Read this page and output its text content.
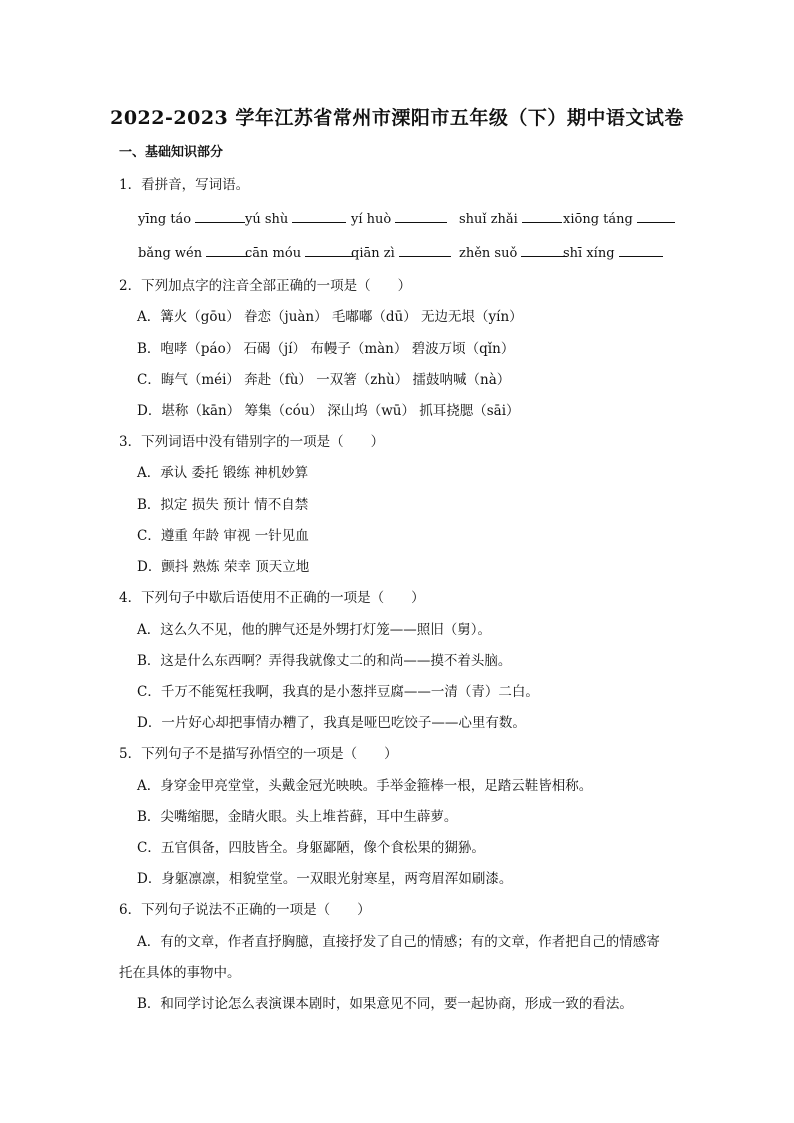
2022-2023 学年江苏省常州市溧阳市五年级（下）期中语文试卷
一、基础知识部分
1．看拼音，写词语。
yīng táo	yú shù	yí huò	shuǐ zhǎi	xiōng táng
bǎng wén	cān móu	qiān zì	zhěn suǒ	shī xíng
2．下列加点字的注音全部正确的一项是（　　）
A．篝火（gōu） 眷恋（juàn） 毛嘟嘟（dū） 无边无垠（yín）
B．咆哮（páo） 石碣（jí） 布幔子（màn） 碧波万顷（qǐn）
C．晦气（méi） 奔赴（fù） 一双箸（zhù） 擂鼓呐喊（nà）
D．堪称（kān） 筹集（cóu） 深山坞（wū） 抓耳挠腮（sāi）
3．下列词语中没有错别字的一项是（　　）
A．承认 委托 锻练 神机妙算
B．拟定 损失 预计 情不自禁
C．遵重 年龄 审视 一针见血
D．颤抖 熟炼 荣幸 顶天立地
4．下列句子中歇后语使用不正确的一项是（　　）
A．这么久不见，他的脾气还是外甥打灯笼——照旧（舅）。
B．这是什么东西啊？弄得我就像丈二的和尚——摸不着头脑。
C．千万不能冤枉我啊，我真的是小葱拌豆腐——一清（青）二白。
D．一片好心却把事情办糟了，我真是哑巴吃饺子——心里有数。
5．下列句子不是描写孙悟空的一项是（　　）
A．身穿金甲亮堂堂，头戴金冠光映映。手举金箍棒一根，足踏云鞋皆相称。
B．尖嘴缩腮，金睛火眼。头上堆苔藓，耳中生薜萝。
C．五官俱备，四肢皆全。身躯鄙陋，像个食松果的猢狲。
D．身躯凛凛，相貌堂堂。一双眼光射寒星，两弯眉浑如刷漆。
6．下列句子说法不正确的一项是（　　）
A．有的文章，作者直抒胸臆，直接抒发了自己的情感；有的文章，作者把自己的情感寄
托在具体的事物中。
B．和同学讨论怎么表演课本剧时，如果意见不同，要一起协商，形成一致的看法。
